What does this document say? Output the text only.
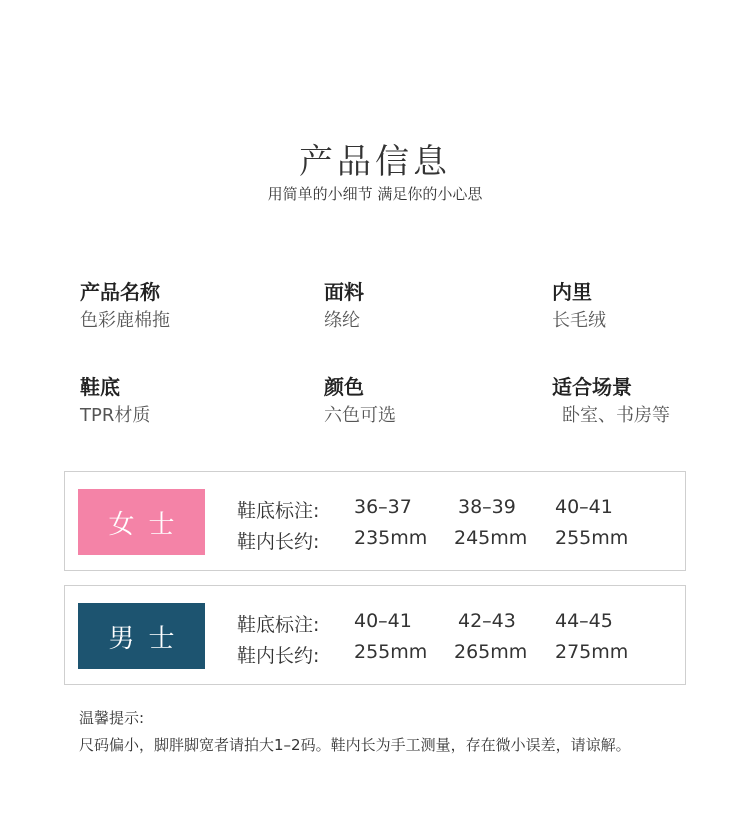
产品信息
用简单的小细节 满足你的小心思
产品名称
色彩鹿棉拖
面料
绦纶
内里
长毛绒
鞋底
TPR材质
颜色
六色可选
适合场景
卧室、书房等
女士	鞋底标注: 36–37 38–39 40–41
鞋内长约: 235mm 245mm 255mm
男士	鞋底标注: 40–41 42–43 44–45
鞋内长约: 255mm 265mm 275mm
温馨提示:
尺码偏小，脚胖脚宽者请拍大1–2码。鞋内长为手工测量，存在微小误差，请谅解。
